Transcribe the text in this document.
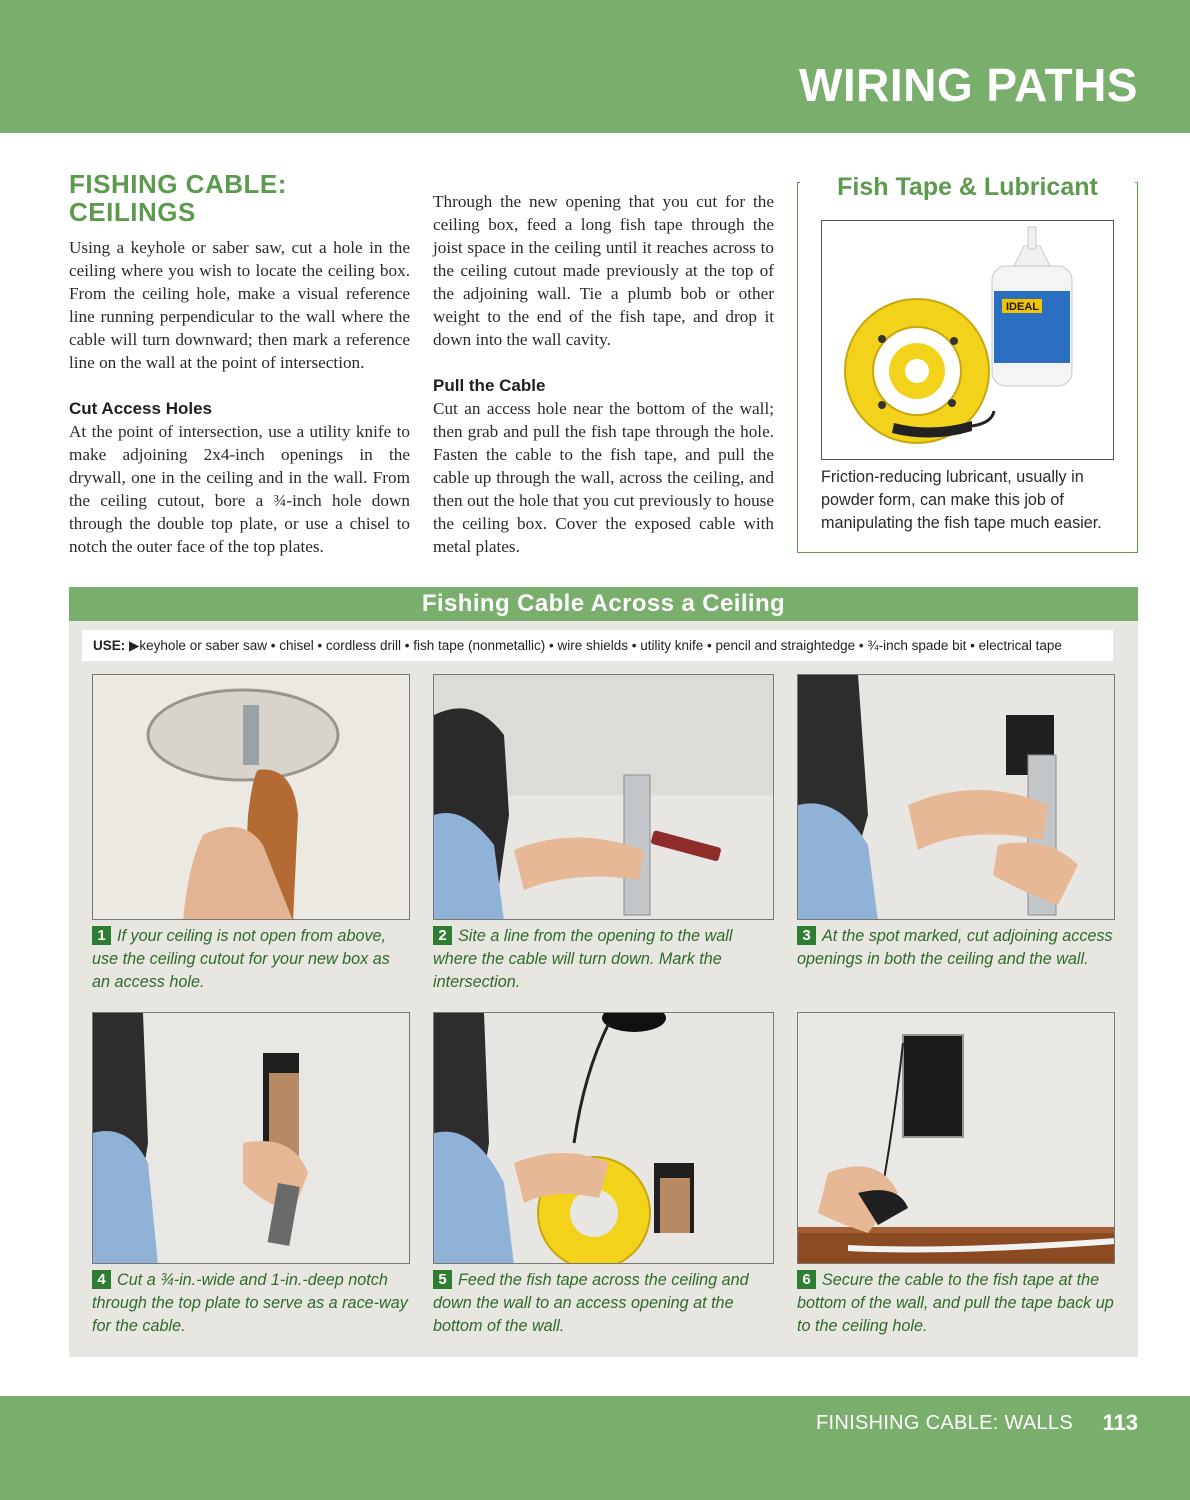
WIRING PATHS
FISHING CABLE:
CEILINGS
Using a keyhole or saber saw, cut a hole in the ceiling where you wish to locate the ceiling box. From the ceiling hole, make a visual reference line running perpendicular to the wall where the cable will turn downward; then mark a reference line on the wall at the point of intersection.
Cut Access Holes
At the point of intersection, use a utility knife to make adjoining 2x4-inch openings in the drywall, one in the ceiling and in the wall. From the ceiling cutout, bore a ¾-inch hole down through the double top plate, or use a chisel to notch the outer face of the top plates.
Through the new opening that you cut for the ceiling box, feed a long fish tape through the joist space in the ceiling until it reaches across to the ceiling cutout made previously at the top of the adjoining wall. Tie a plumb bob or other weight to the end of the fish tape, and drop it down into the wall cavity.
Pull the Cable
Cut an access hole near the bottom of the wall; then grab and pull the fish tape through the hole. Fasten the cable to the fish tape, and pull the cable up through the wall, across the ceiling, and then out the hole that you cut previously to house the ceiling box. Cover the exposed cable with metal plates.
Fish Tape & Lubricant
IDEAL
Friction-reducing lubricant, usually in powder form, can make this job of manipulating the fish tape much easier.
Fishing Cable Across a Ceiling
USE: ▶keyhole or saber saw • chisel • cordless drill • fish tape (nonmetallic) • wire shields • utility knife • pencil and straightedge • ¾-inch spade bit • electrical tape
1 If your ceiling is not open from above, use the ceiling cutout for your new box as an access hole.
2 Site a line from the opening to the wall where the cable will turn down. Mark the intersection.
3 At the spot marked, cut adjoining access openings in both the ceiling and the wall.
4 Cut a ¾-in.-wide and 1-in.-deep notch through the top plate to serve as a race-way for the cable.
5 Feed the fish tape across the ceiling and down the wall to an access opening at the bottom of the wall.
6 Secure the cable to the fish tape at the bottom of the wall, and pull the tape back up to the ceiling hole.
FINISHING CABLE: WALLS 113
